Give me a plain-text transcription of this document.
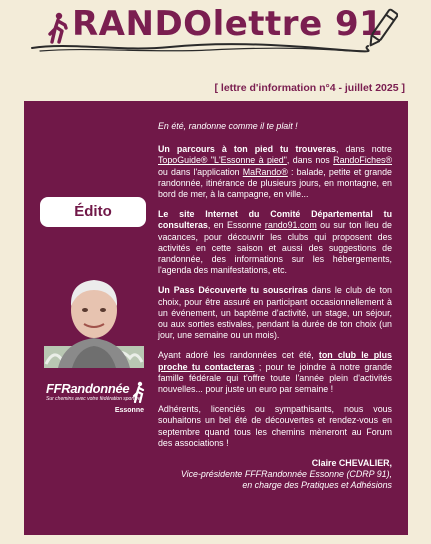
RANDOlettre 91
[ lettre d'information n°4 - juillet 2025 ]
Édito
FFRandonnée
Sur chemins avec votre fédération sportive
Essonne

En été, randonne comme il te plait !

Un parcours à ton pied tu trouveras, dans notre TopoGuide® "L'Essonne à pied", dans nos RandoFiches® ou dans l'application MaRando® : balade, petite et grande randonnée, itinérance de plusieurs jours, en montagne, en bord de mer, à la campagne, en ville...

Le site Internet du Comité Départemental tu consulteras, en Essonne rando91.com ou sur ton lieu de vacances, pour découvrir les clubs qui proposent des activités en cette saison et aussi des suggestions de randonnée, des informations sur les hébergements, l'agenda des manifestations, etc.

Un Pass Découverte tu souscriras dans le club de ton choix, pour être assuré en participant occasionnellement à un événement, un baptême d'activité, un stage, un séjour, ou aux sorties estivales, pendant la durée de ton choix (un jour, une semaine ou un mois).

Ayant adoré les randonnées cet été, ton club le plus proche tu contacteras ; pour te joindre à notre grande famille fédérale qui t'offre toute l'année plein d'activités nouvelles... pour juste un euro par semaine !

Adhérents, licenciés ou sympathisants, nous vous souhaitons un bel été de découvertes et rendez-vous en septembre quand tous les chemins mèneront au Forum des associations !

Claire CHEVALIER,
Vice-présidente FFFRandonnée Essonne (CDRP 91),
en charge des Pratiques et Adhésions
